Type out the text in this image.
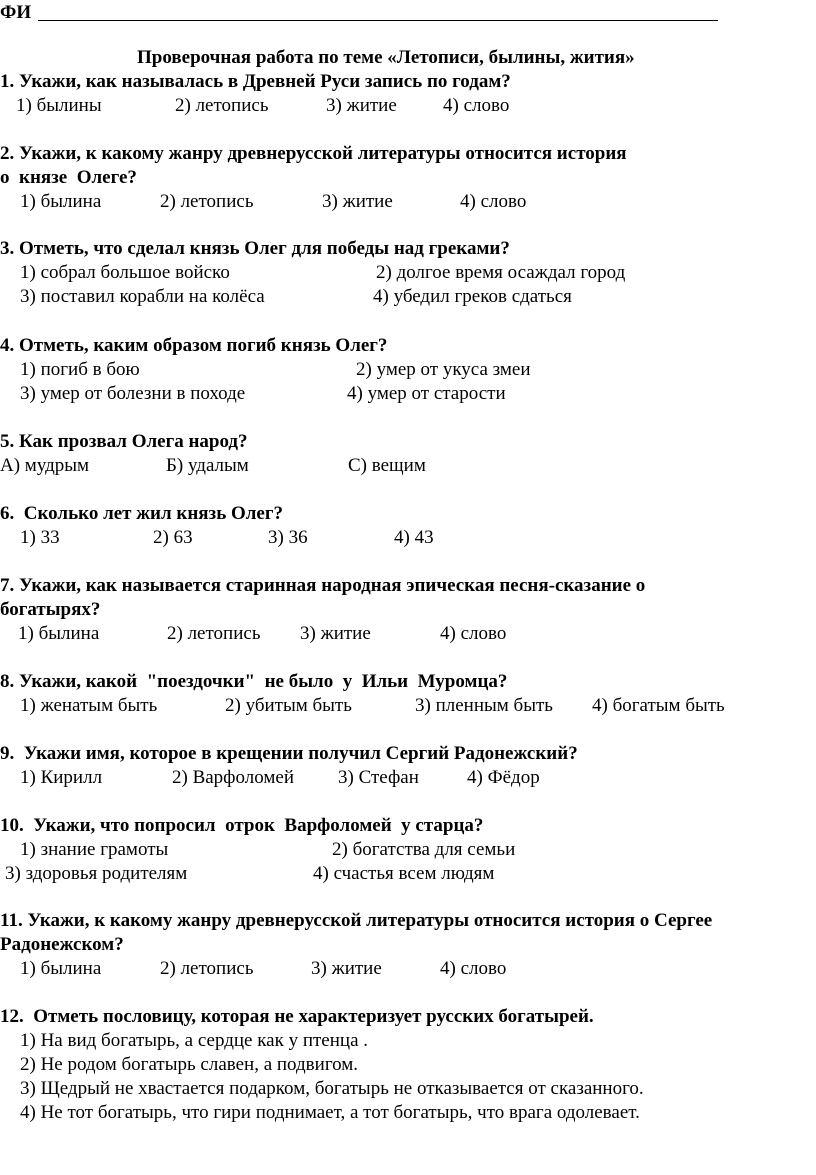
ФИ
Проверочная работа по теме «Летописи, былины, жития»
1. Укажи, как называлась в Древней Руси запись по годам?
1) былины	2) летопись	3) житие 4) слово
2. Укажи, к какому жанру древнерусской литературы относится история
о  князе  Олеге?
1) былина	2) летопись	3) житие	4) слово
3. Отметь, что сделал князь Олег для победы над греками?
1) собрал большое войско	2) долгое время осаждал город
3) поставил корабли на колёса	4) убедил греков сдаться
4. Отметь, каким образом погиб князь Олег?
1) погиб в бою	2) умер от укуса змеи
3) умер от болезни в походе	4) умер от старости
5. Как прозвал Олега народ?
А) мудрым	Б) удалым	С) вещим
6.  Сколько лет жил князь Олег?
1) 33	2) 63	3) 36	4) 43
7. Укажи, как называется старинная народная эпическая песня-сказание о
богатырях?
1) былина	2) летопись 3) житие	4) слово
8. Укажи, какой  "поездочки"  не было  у  Ильи  Муромца?
1) женатым быть	2) убитым быть	3) пленным быть 4) богатым быть
9.  Укажи имя, которое в крещении получил Сергий Радонежский?
1) Кирилл	2) Варфоломей 3) Стефан	4) Фёдор
10.  Укажи, что попросил  отрок  Варфоломей  у старца?
1) знание грамоты	2) богатства для семьи
3) здоровья родителям	4) счастья всем людям
11. Укажи, к какому жанру древнерусской литературы относится история о Сергее
Радонежском?
1) былина	2) летопись	3) житие	4) слово
12.  Отметь пословицу, которая не характеризует русских богатырей.
1) На вид богатырь, а сердце как у птенца .
2) Не родом богатырь славен, а подвигом.
3) Щедрый не хвастается подарком, богатырь не отказывается от сказанного.
4) Не тот богатырь, что гири поднимает, а тот богатырь, что врага одолевает.
